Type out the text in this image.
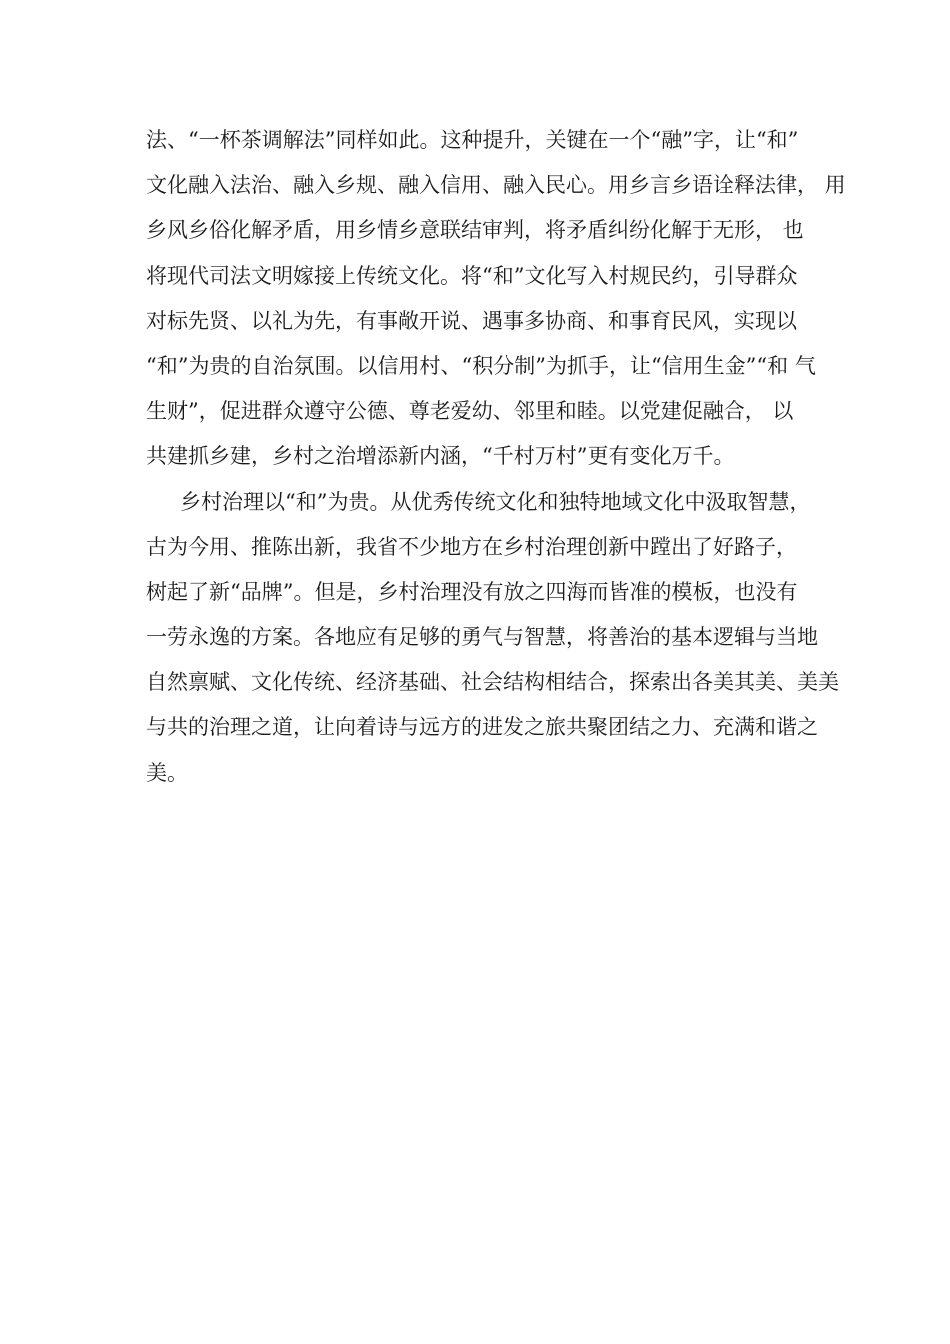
法、“一杯茶调解法”同样如此。这种提升，关键在一个“融”字，让“和”
文化融入法治、融入乡规、融入信用、融入民心。用乡言乡语诠释法律， 用
乡风乡俗化解矛盾，用乡情乡意联结审判，将矛盾纠纷化解于无形， 也
将现代司法文明嫁接上传统文化。将“和”文化写入村规民约，引导群众
对标先贤、以礼为先，有事敞开说、遇事多协商、和事育民风，实现以
“和”为贵的自治氛围。以信用村、“积分制”为抓手，让“信用生金”“和 气
生财”，促进群众遵守公德、尊老爱幼、邻里和睦。以党建促融合， 以
共建抓乡建，乡村之治增添新内涵，“千村万村”更有变化万千。
乡村治理以“和”为贵。从优秀传统文化和独特地域文化中汲取智慧，
古为今用、推陈出新，我省不少地方在乡村治理创新中蹚出了好路子，
树起了新“品牌”。但是，乡村治理没有放之四海而皆准的模板，也没有
一劳永逸的方案。各地应有足够的勇气与智慧，将善治的基本逻辑与当地
自然禀赋、文化传统、经济基础、社会结构相结合，探索出各美其美、美美
与共的治理之道，让向着诗与远方的进发之旅共聚团结之力、充满和谐之
美。
